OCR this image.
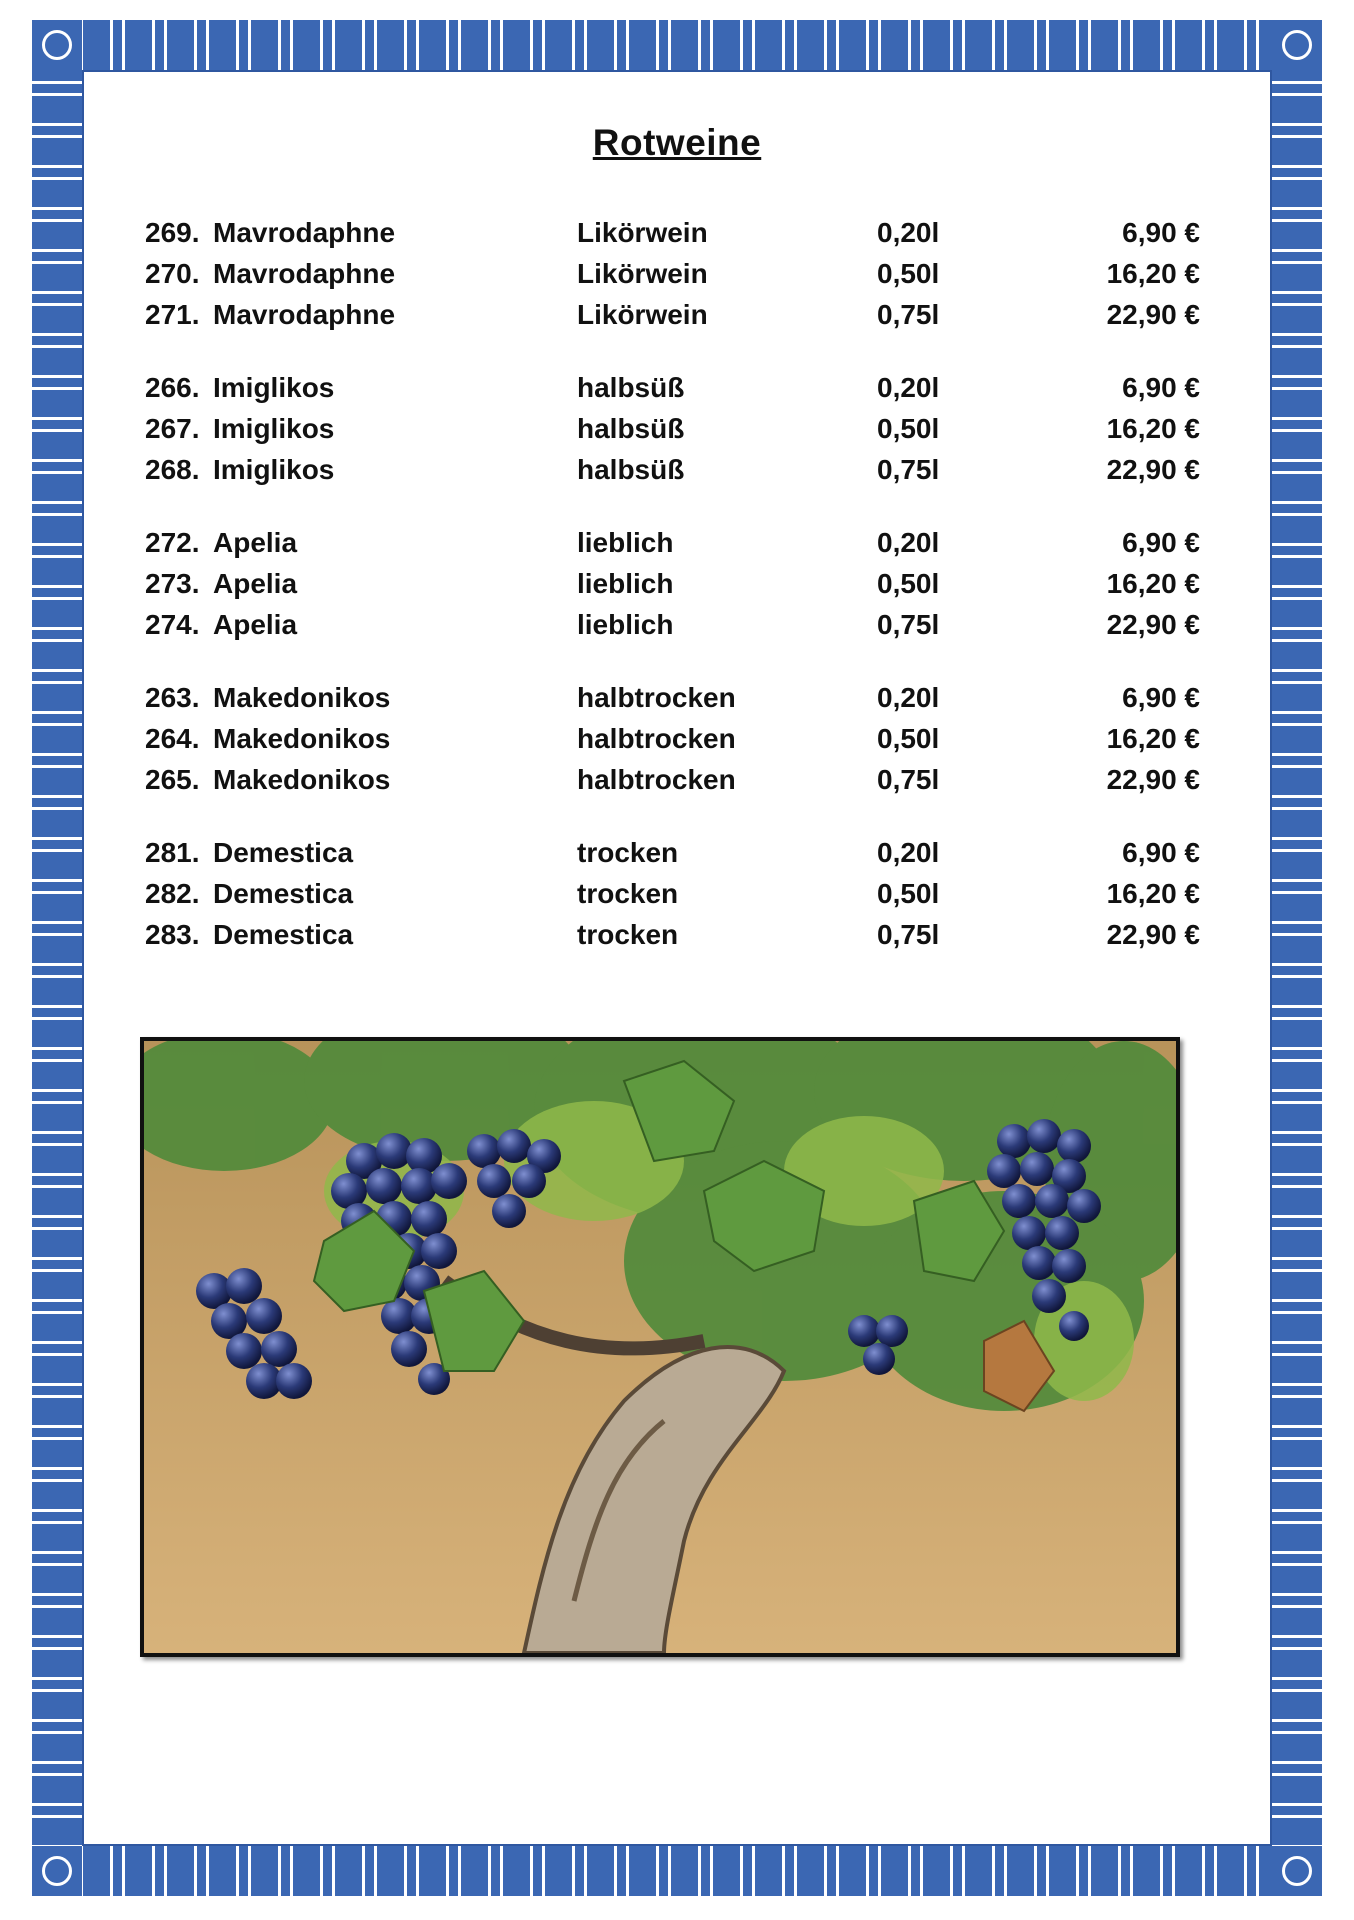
Rotweine
269. Mavrodaphne	Likörwein	0,20l	6,90 €
270. Mavrodaphne	Likörwein	0,50l	16,20 €
271. Mavrodaphne	Likörwein	0,75l	22,90 €
266. Imiglikos	halbsüß	0,20l	6,90 €
267. Imiglikos	halbsüß	0,50l	16,20 €
268. Imiglikos	halbsüß	0,75l	22,90 €
272. Apelia	lieblich	0,20l	6,90 €
273. Apelia	lieblich	0,50l	16,20 €
274. Apelia	lieblich	0,75l	22,90 €
263. Makedonikos	halbtrocken	0,20l	6,90 €
264. Makedonikos	halbtrocken	0,50l	16,20 €
265. Makedonikos	halbtrocken	0,75l	22,90 €
281. Demestica	trocken	0,20l	6,90 €
282. Demestica	trocken	0,50l	16,20 €
283. Demestica	trocken	0,75l	22,90 €
